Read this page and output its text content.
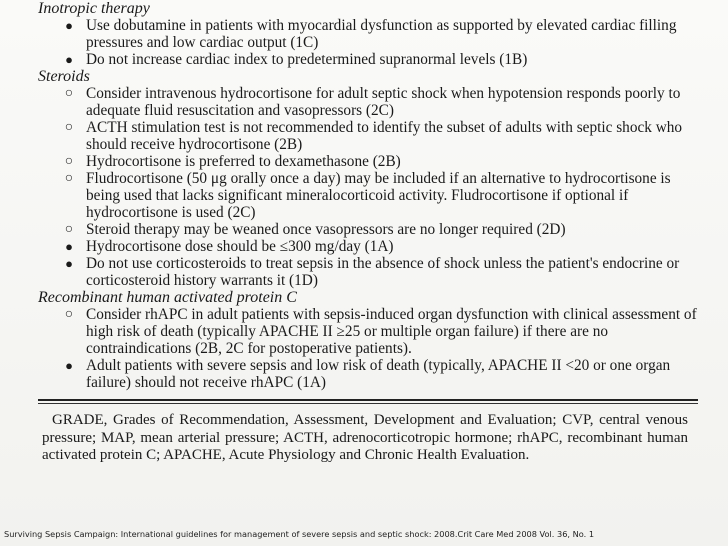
Inotropic therapy

● Use dobutamine in patients with myocardial dysfunction as supported by elevated cardiac filling pressures and low cardiac output (1C)
● Do not increase cardiac index to predetermined supranormal levels (1B)

Steroids

○ Consider intravenous hydrocortisone for adult septic shock when hypotension responds poorly to adequate fluid resuscitation and vasopressors (2C)
○ ACTH stimulation test is not recommended to identify the subset of adults with septic shock who should receive hydrocortisone (2B)
○ Hydrocortisone is preferred to dexamethasone (2B)
○ Fludrocortisone (50 μg orally once a day) may be included if an alternative to hydrocortisone is being used that lacks significant mineralocorticoid activity. Fludrocortisone if optional if hydrocortisone is used (2C)
○ Steroid therapy may be weaned once vasopressors are no longer required (2D)
● Hydrocortisone dose should be ≤300 mg/day (1A)
● Do not use corticosteroids to treat sepsis in the absence of shock unless the patient's endocrine or corticosteroid history warrants it (1D)

Recombinant human activated protein C

○ Consider rhAPC in adult patients with sepsis-induced organ dysfunction with clinical assessment of high risk of death (typically APACHE II ≥25 or multiple organ failure) if there are no contraindications (2B, 2C for postoperative patients).
● Adult patients with severe sepsis and low risk of death (typically, APACHE II <20 or one organ failure) should not receive rhAPC (1A)

GRADE, Grades of Recommendation, Assessment, Development and Evaluation; CVP, central venous pressure; MAP, mean arterial pressure; ACTH, adrenocorticotropic hormone; rhAPC, recombinant human activated protein C; APACHE, Acute Physiology and Chronic Health Evaluation.

Surviving Sepsis Campaign: International guidelines for management of severe sepsis and septic shock: 2008.Crit Care Med 2008 Vol. 36, No. 1
